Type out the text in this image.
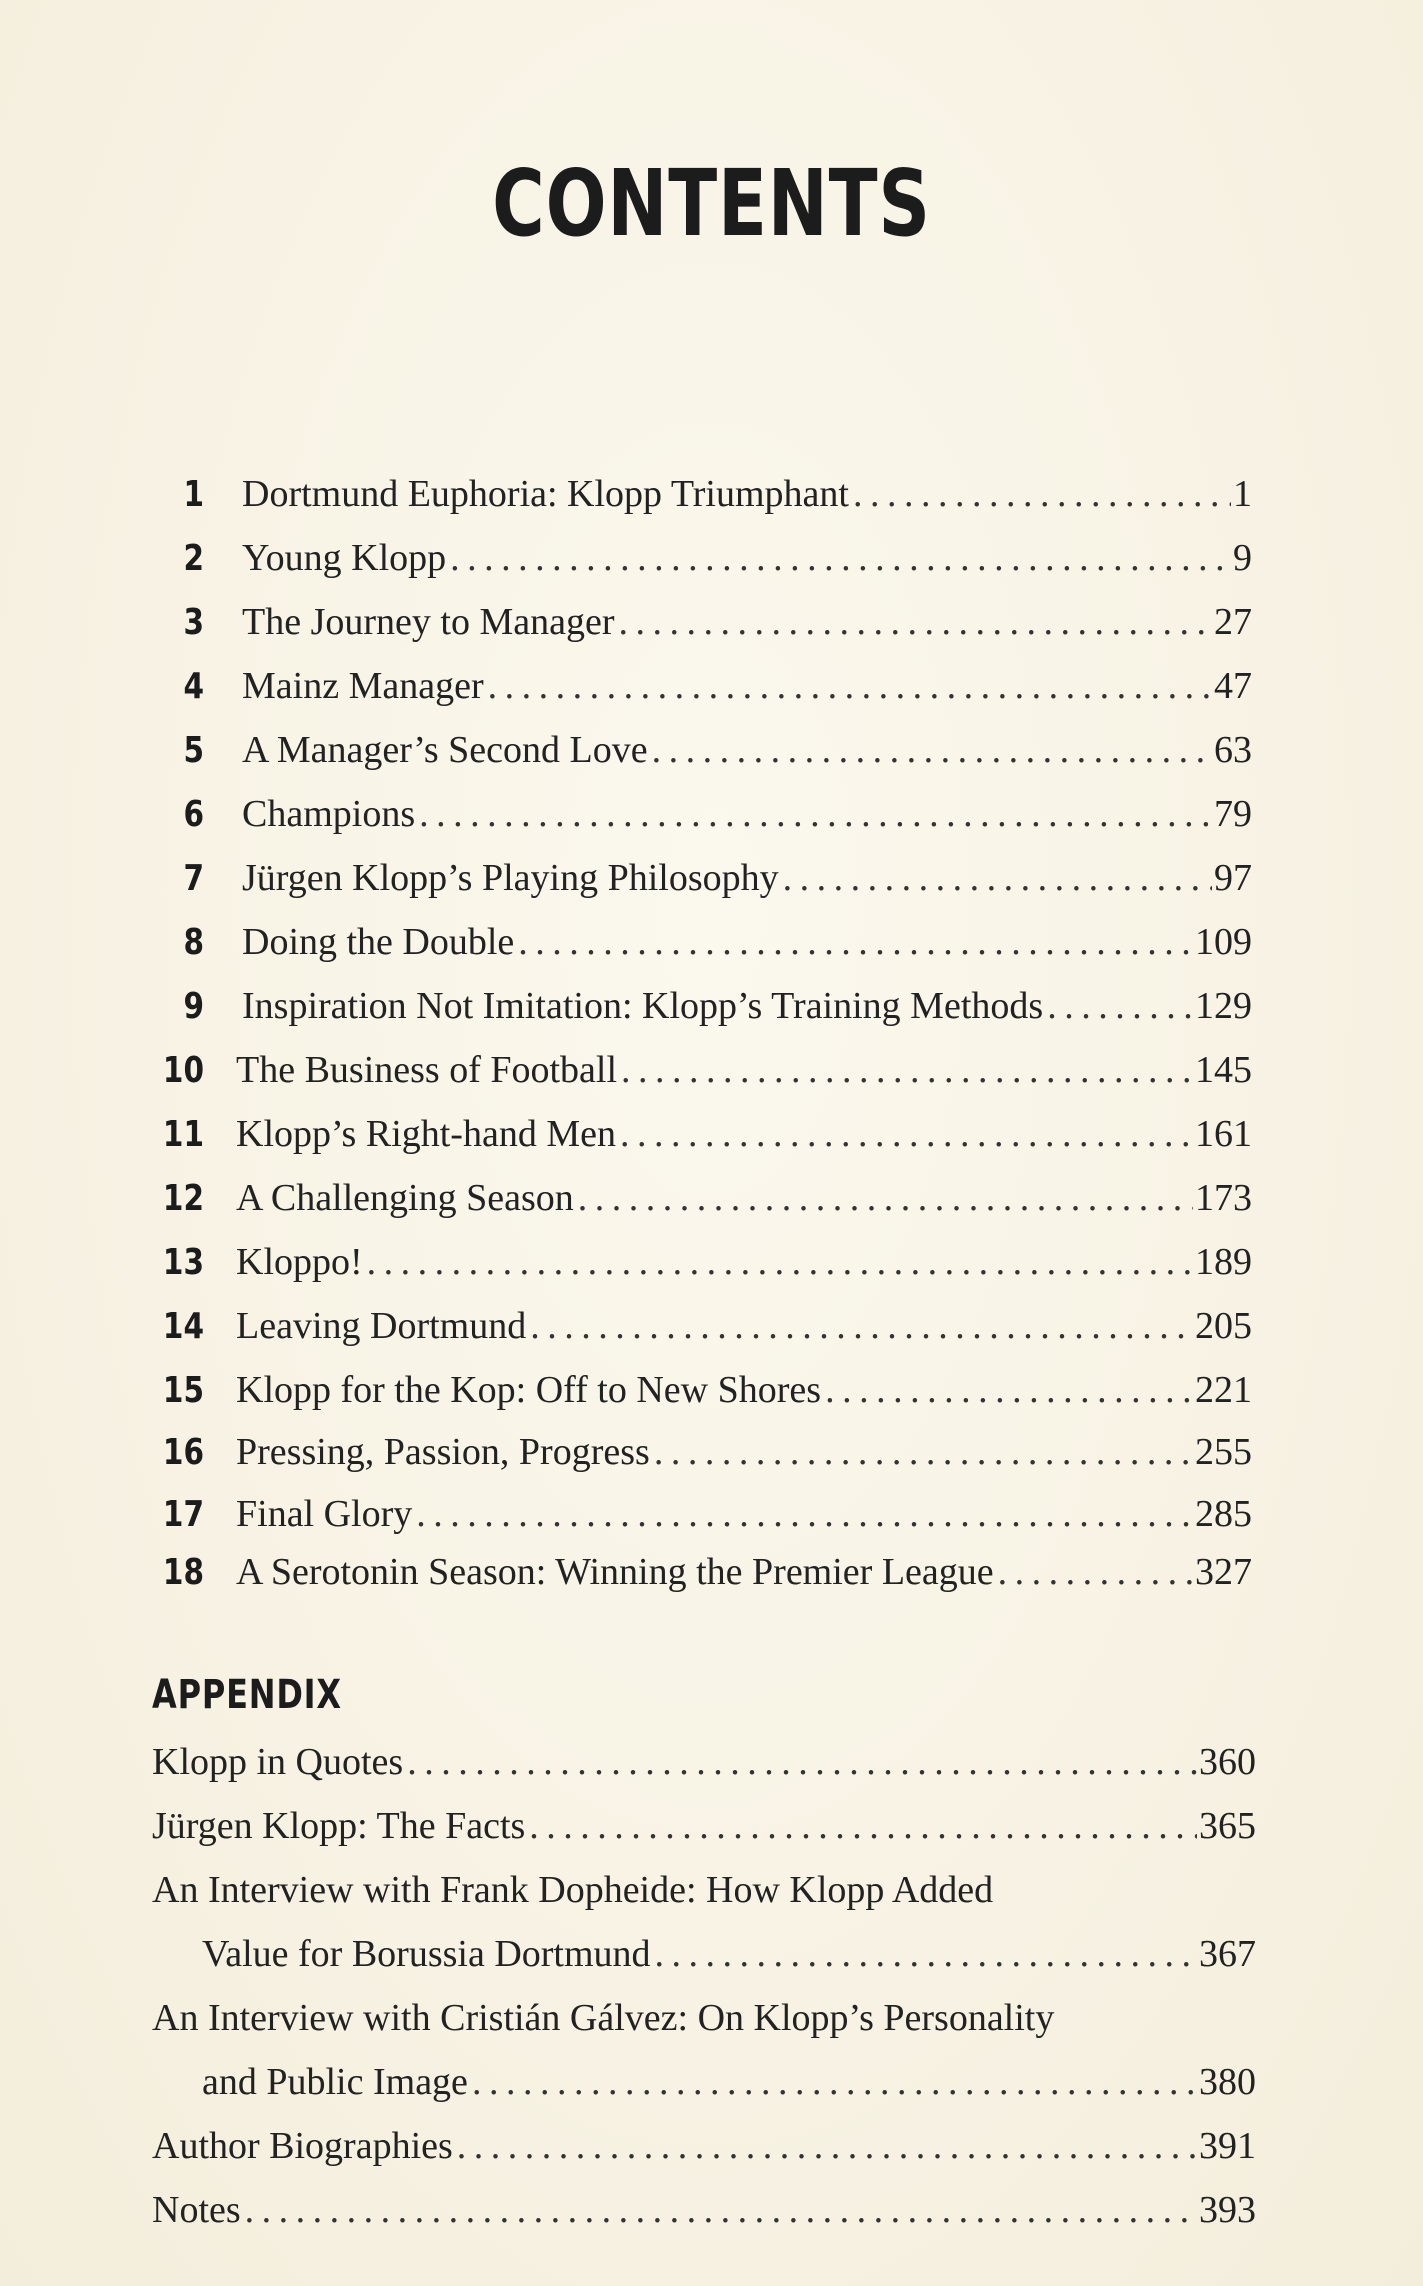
CONTENTS
1 Dortmund Euphoria: Klopp Triumphant . . .	1
2 Young Klopp . . .	9
3 The Journey to Manager . . .	27
4 Mainz Manager . . .	47
5 A Manager’s Second Love . . .	63
6 Champions . . .	79
7 Jürgen Klopp’s Playing Philosophy . . .	97
8 Doing the Double . . .	109
9 Inspiration Not Imitation: Klopp’s Training Methods . . .	129
10 The Business of Football . . .	145
11 Klopp’s Right-hand Men . . .	161
12 A Challenging Season . . .	173
13 Kloppo! . . .	189
14 Leaving Dortmund . . .	205
15 Klopp for the Kop: Off to New Shores . . .	221
16 Pressing, Passion, Progress . . .	255
17 Final Glory . . .	285
18 A Serotonin Season: Winning the Premier League . . .	327
APPENDIX
Klopp in Quotes . . .	360
Jürgen Klopp: The Facts . . .	365
An Interview with Frank Dopheide: How Klopp Added
Value for Borussia Dortmund . . .	367
An Interview with Cristián Gálvez: On Klopp’s Personality
and Public Image . . .	380
Author Biographies . . .	391
Notes . . .	393
